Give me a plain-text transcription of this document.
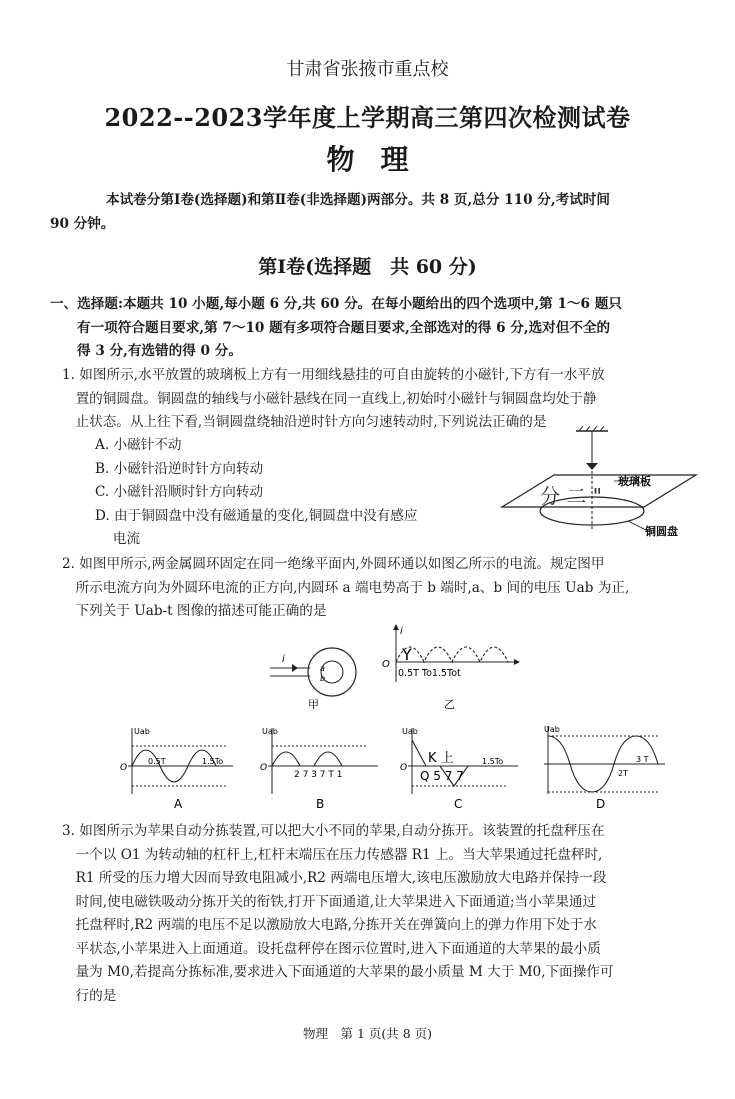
甘肃省张掖市重点校
2022--2023学年度上学期高三第四次检测试卷
物理
本试卷分第Ⅰ卷(选择题)和第Ⅱ卷(非选择题)两部分。共 8 页,总分 110 分,考试时间
90 分钟。
第Ⅰ卷(选择题　共 60 分)
一、选择题:本题共 10 小题,每小题 6 分,共 60 分。在每小题给出的四个选项中,第 1～6 题只
有一项符合题目要求,第 7～10 题有多项符合题目要求,全部选对的得 6 分,选对但不全的
得 3 分,有选错的得 0 分。
1. 如图所示,水平放置的玻璃板上方有一用细线悬挂的可自由旋转的小磁针,下方有一水平放
　置的铜圆盘。铜圆盘的轴线与小磁针悬线在同一直线上,初始时小磁针与铜圆盘均处于静
　止状态。从上往下看,当铜圆盘绕轴沿逆时针方向匀速转动时,下列说法正确的是
A. 小磁针不动
B. 小磁针沿逆时针方向转动
C. 小磁针沿顺时针方向转动
D. 由于铜圆盘中没有磁通量的变化,铜圆盘中没有感应
　 电流
分 二 "
玻璃板
铜圆盘
2. 如图甲所示,两金属圆环固定在同一绝缘平面内,外圆环通以如图乙所示的电流。规定图甲
　所示电流方向为外圆环电流的正方向,内圆环 a 端电势高于 b 端时,a、b 间的电压 Uab 为正,
　下列关于 Uab-t 图像的描述可能正确的是
i
a
b
甲
i
O
Y
0.5T To1.5Tot
乙
Uab
O
0.5T	1.5To
A
Uab
O
2 7 3 7 T 1
B
Uab
O
K 上
Q 5 7 7
1.5To
C
Uab
3 T
2T
D
3. 如图所示为苹果自动分拣装置,可以把大小不同的苹果,自动分拣开。该装置的托盘秤压在
　一个以 O1 为转动轴的杠杆上,杠杆末端压在压力传感器 R1 上。当大苹果通过托盘秤时,
　R1 所受的压力增大因而导致电阻减小,R2 两端电压增大,该电压激励放大电路并保持一段
　时间,使电磁铁吸动分拣开关的衔铁,打开下面通道,让大苹果进入下面通道;当小苹果通过
　托盘秤时,R2 两端的电压不足以激励放大电路,分拣开关在弹簧向上的弹力作用下处于水
　平状态,小苹果进入上面通道。设托盘秤停在图示位置时,进入下面通道的大苹果的最小质
　量为 M0,若提高分拣标准,要求进入下面通道的大苹果的最小质量 M 大于 M0,下面操作可
　行的是
物理　第 1 页(共 8 页)
